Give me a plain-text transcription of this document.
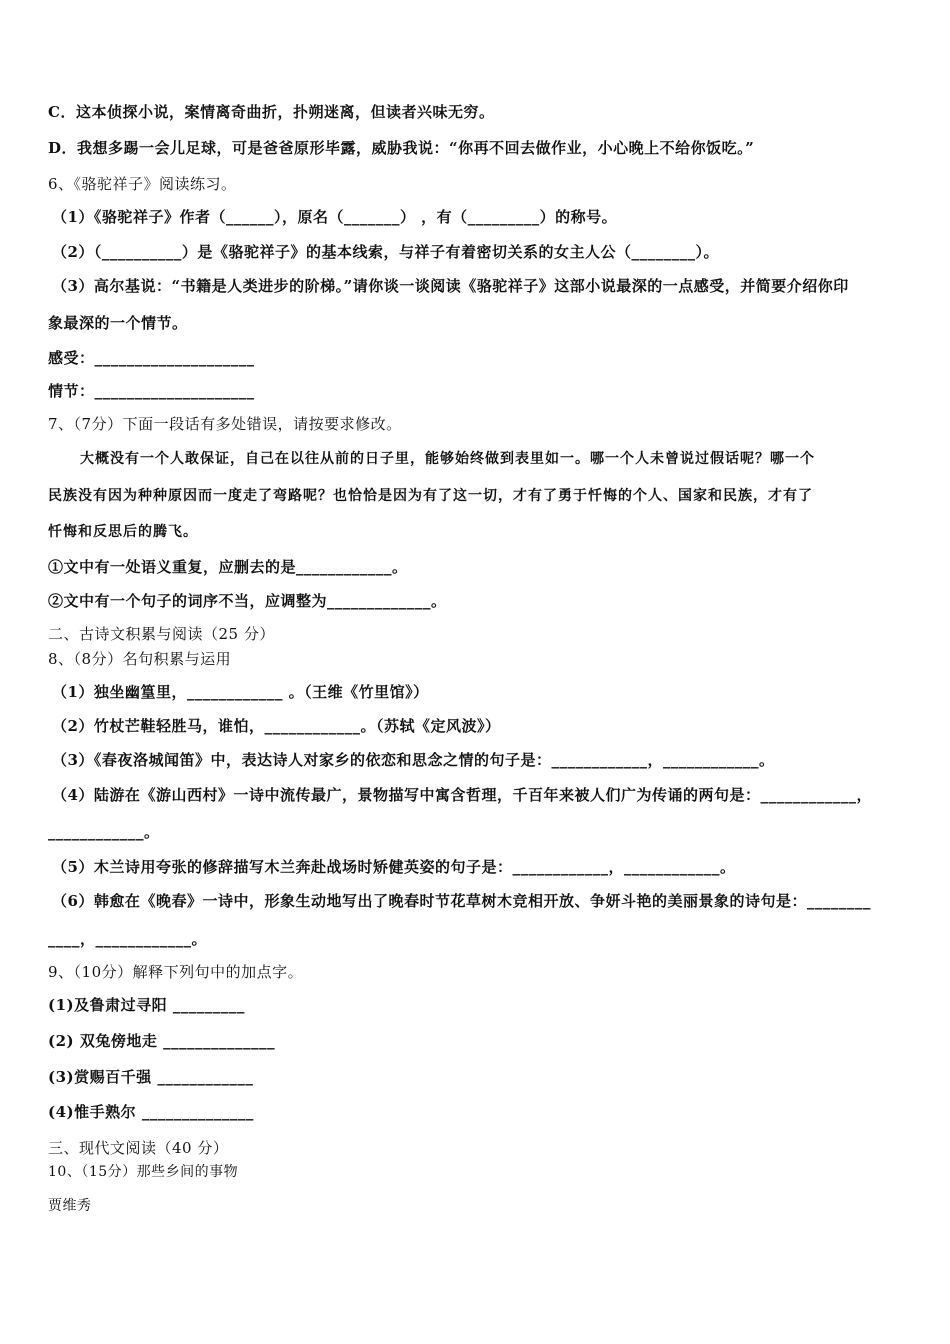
C．这本侦探小说，案情离奇曲折，扑朔迷离，但读者兴味无穷。
D．我想多踢一会儿足球，可是爸爸原形毕露，威胁我说：“你再不回去做作业，小心晚上不给你饭吃。”
6、《骆驼祥子》阅读练习。
（1）《骆驼祥子》作者（______），原名（_______） ，有（_________）的称号。
（2）（__________）是《骆驼祥子》的基本线索，与祥子有着密切关系的女主人公（________）。
（3）高尔基说：“书籍是人类进步的阶梯。”请你谈一谈阅读《骆驼祥子》这部小说最深的一点感受，并简要介绍你印
象最深的一个情节。
感受：____________________
情节：____________________
7、（7分）下面一段话有多处错误，请按要求修改。
大概没有一个人敢保证，自己在以往从前的日子里，能够始终做到表里如一。哪一个人未曾说过假话呢？哪一个
民族没有因为种种原因而一度走了弯路呢？也恰恰是因为有了这一切，才有了勇于忏悔的个人、国家和民族，才有了
忏悔和反思后的腾飞。
①文中有一处语义重复，应删去的是____________。
②文中有一个句子的词序不当，应调整为_____________。
二、古诗文积累与阅读（25 分）
8、（8分）名句积累与运用
（1）独坐幽篁里，____________ 。（王维《竹里馆》）
（2）竹杖芒鞋轻胜马，谁怕，____________。（苏轼《定风波》）
（3）《春夜洛城闻笛》中，表达诗人对家乡的依恋和思念之情的句子是：____________，____________。
（4）陆游在《游山西村》一诗中流传最广，景物描写中寓含哲理，千百年来被人们广为传诵的两句是：____________，
____________。
（5）木兰诗用夸张的修辞描写木兰奔赴战场时矫健英姿的句子是：____________，____________。
（6）韩愈在《晚春》一诗中，形象生动地写出了晚春时节花草树木竞相开放、争妍斗艳的美丽景象的诗句是：________
____，____________。
9、（10分）解释下列句中的加点字。
(1)及鲁肃过寻阳 _________
(2) 双兔傍地走 ______________
(3)赏赐百千强 ____________
(4)惟手熟尔 ______________
三、现代文阅读（40 分）
10、（15分）那些乡间的事物
贾维秀
